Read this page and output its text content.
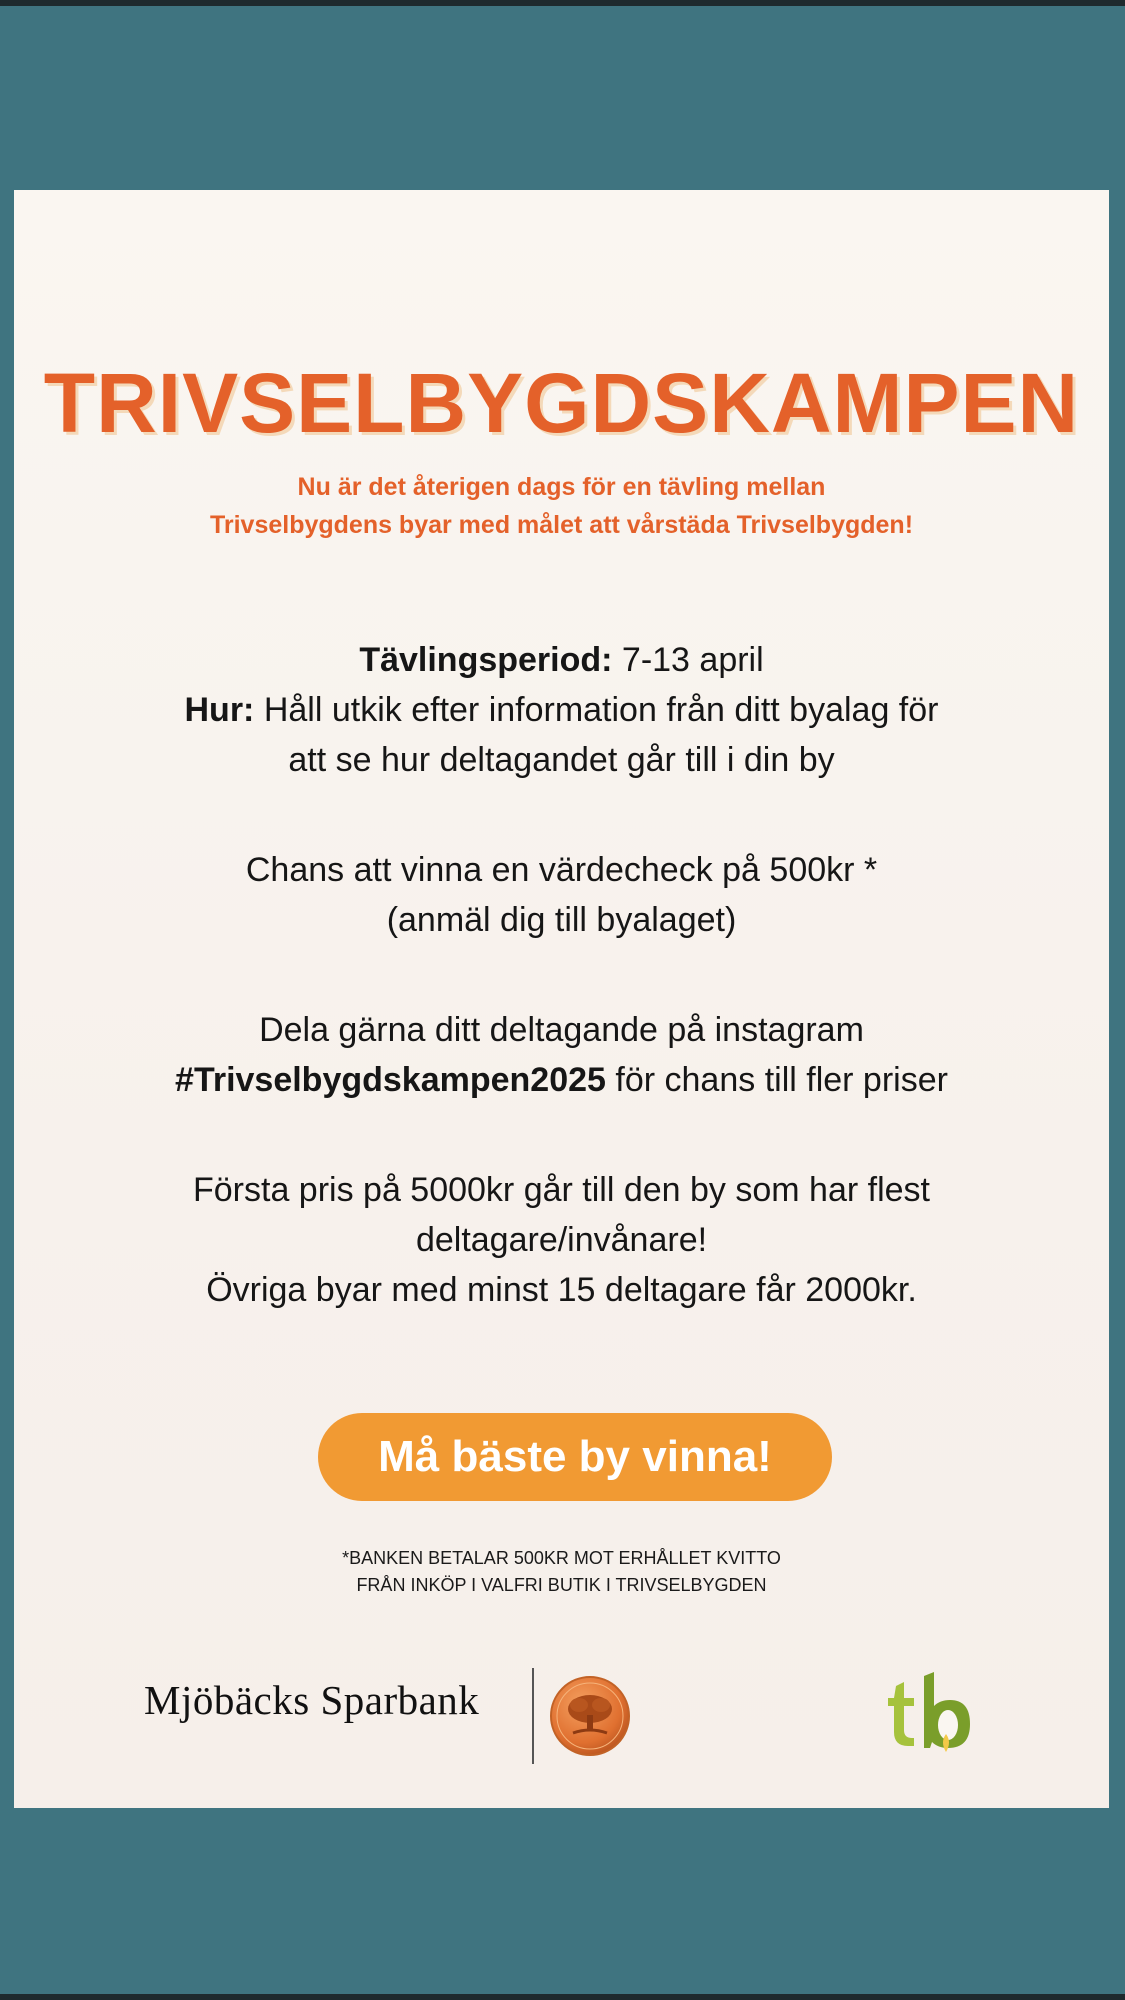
TRIVSELBYGDSKAMPEN
Nu är det återigen dags för en tävling mellan
Trivselbygdens byar med målet att vårstäda Trivselbygden!
Tävlingsperiod: 7-13 april
Hur: Håll utkik efter information från ditt byalag för
att se hur deltagandet går till i din by
Chans att vinna en värdecheck på 500kr *
(anmäl dig till byalaget)
Dela gärna ditt deltagande på instagram
#Trivselbygdskampen2025 för chans till fler priser
Första pris på 5000kr går till den by som har flest
deltagare/invånare!
Övriga byar med minst 15 deltagare får 2000kr.
Må bäste by vinna!
*BANKEN BETALAR 500KR MOT ERHÅLLET KVITTO
FRÅN INKÖP I VALFRI BUTIK I TRIVSELBYGDEN
Mjöbäcks Sparbank
